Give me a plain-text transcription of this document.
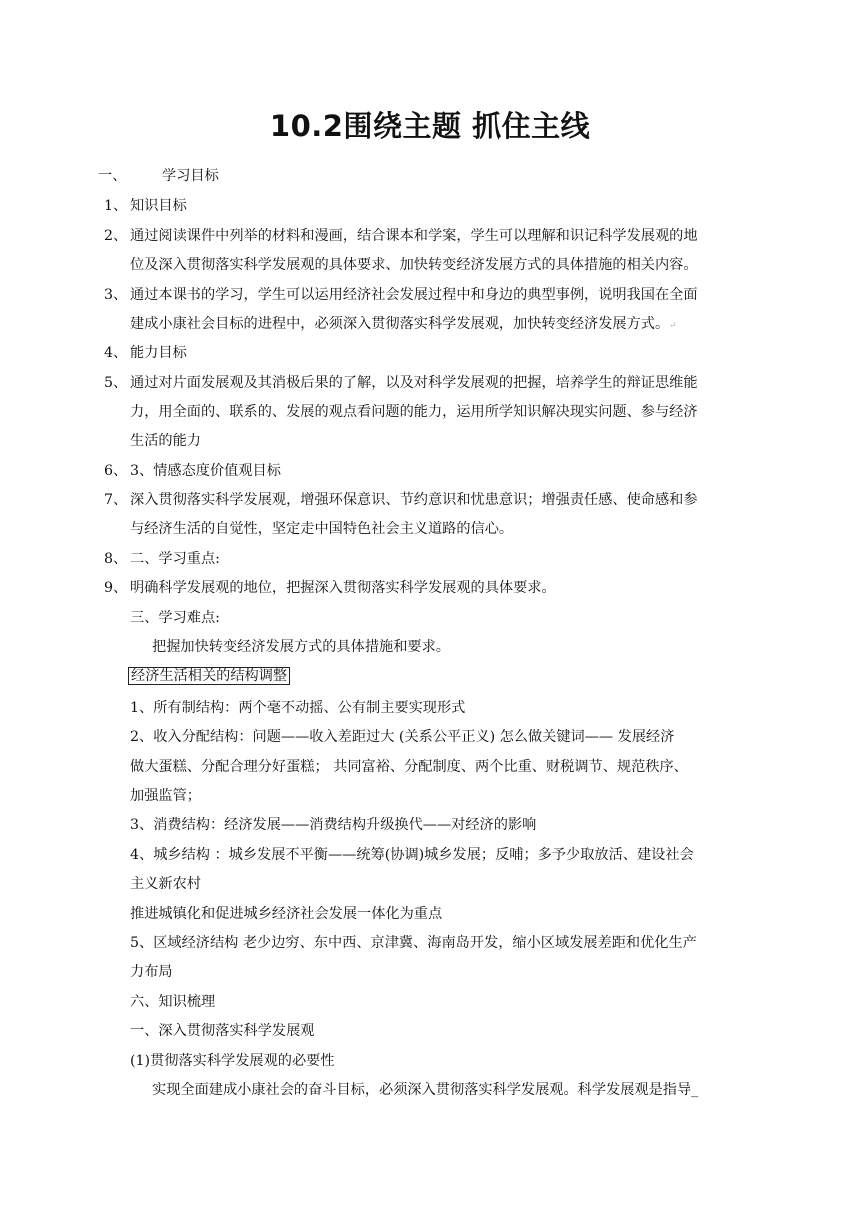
10.2围绕主题 抓住主线
一、	学习目标
1、 知识目标
2、 通过阅读课件中列举的材料和漫画，结合课本和学案，学生可以理解和识记科学发展观的地
位及深入贯彻落实科学发展观的具体要求、加快转变经济发展方式的具体措施的相关内容。
3、 通过本课书的学习，学生可以运用经济社会发展过程中和身边的典型事例，说明我国在全面
建成小康社会目标的进程中，必须深入贯彻落实科学发展观，加快转变经济发展方式。↵
4、 能力目标
5、 通过对片面发展观及其消极后果的了解，以及对科学发展观的把握，培养学生的辩证思维能
力，用全面的、联系的、发展的观点看问题的能力，运用所学知识解决现实问题、参与经济
生活的能力
6、 3、情感态度价值观目标
7、 深入贯彻落实科学发展观，增强环保意识、节约意识和忧患意识；增强责任感、使命感和参
与经济生活的自觉性，坚定走中国特色社会主义道路的信心。
8、 二、学习重点:
9、 明确科学发展观的地位，把握深入贯彻落实科学发展观的具体要求。
三、学习难点:
把握加快转变经济发展方式的具体措施和要求。
经济生活相关的结构调整
1、所有制结构：两个毫不动摇、公有制主要实现形式
2、收入分配结构：问题——收入差距过大 (关系公平正义) 怎么做关键词—— 发展经济
做大蛋糕、分配合理分好蛋糕； 共同富裕、分配制度、两个比重、财税调节、规范秩序、
加强监管；
3、消费结构：经济发展——消费结构升级换代——对经济的影响
4、城乡结构 ：城乡发展不平衡——统筹(协调)城乡发展；反哺；多予少取放活、建设社会
主义新农村
推进城镇化和促进城乡经济社会发展一体化为重点
5、区域经济结构 老少边穷、东中西、京津冀、海南岛开发，缩小区域发展差距和优化生产
力布局
六、知识梳理
一、深入贯彻落实科学发展观
(1)贯彻落实科学发展观的必要性
实现全面建成小康社会的奋斗目标，必须深入贯彻落实科学发展观。科学发展观是指导_
